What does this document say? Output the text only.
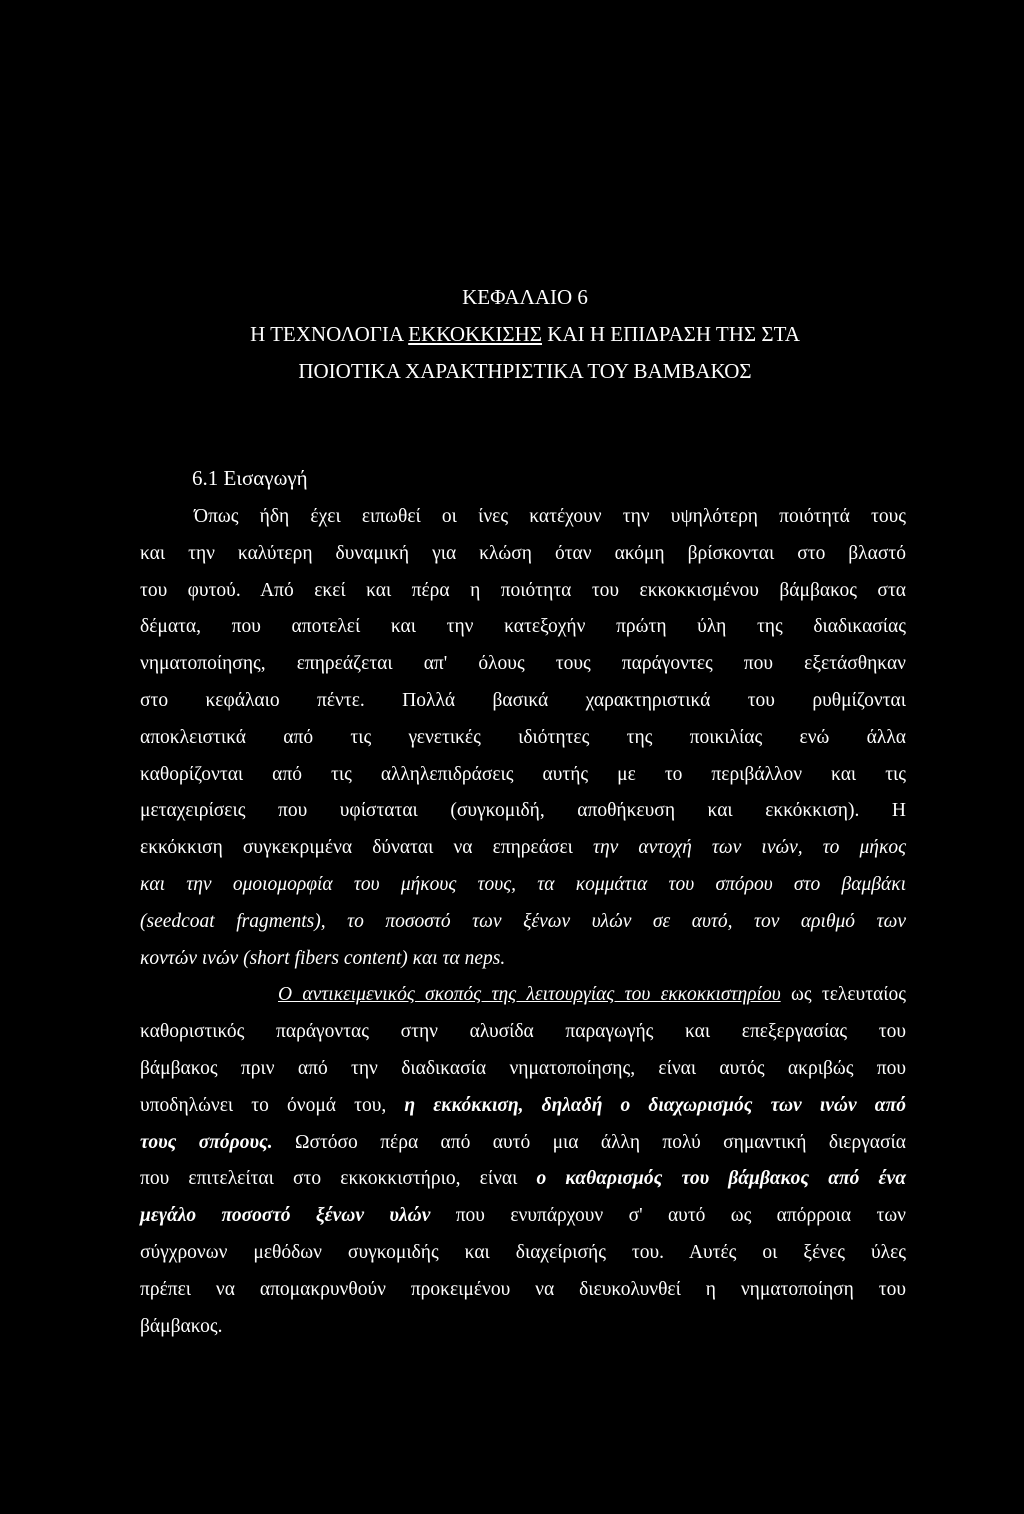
ΚΕΦΑΛΑΙΟ 6
Η ΤΕΧΝΟΛΟΓΙΑ ΕΚΚΟΚΚΙΣΗΣ ΚΑΙ Η ΕΠΙΔΡΑΣΗ ΤΗΣ ΣΤΑ
ΠΟΙΟΤΙΚΑ ΧΑΡΑΚΤΗΡΙΣΤΙΚΑ ΤΟΥ ΒΑΜΒΑΚΟΣ
6.1 Εισαγωγή
Όπως ήδη έχει ειπωθεί οι ίνες κατέχουν την υψηλότερη ποιότητά τους
και την καλύτερη δυναμική για κλώση όταν ακόμη βρίσκονται στο βλαστό
του φυτού. Από εκεί και πέρα η ποιότητα του εκκοκκισμένου βάμβακος στα
δέματα, που αποτελεί και την κατεξοχήν πρώτη ύλη της διαδικασίας
νηματοποίησης, επηρεάζεται απ' όλους τους παράγοντες που εξετάσθηκαν
στο κεφάλαιο πέντε. Πολλά βασικά χαρακτηριστικά του ρυθμίζονται
αποκλειστικά από τις γενετικές ιδιότητες της ποικιλίας ενώ άλλα
καθορίζονται από τις αλληλεπιδράσεις αυτής με το περιβάλλον και τις
μεταχειρίσεις που υφίσταται (συγκομιδή, αποθήκευση και εκκόκκιση). Η
εκκόκκιση συγκεκριμένα δύναται να επηρεάσει την αντοχή των ινών, το μήκος
και την ομοιομορφία του μήκους τους, τα κομμάτια του σπόρου στο βαμβάκι
(seedcoat fragments), το ποσοστό των ξένων υλών σε αυτό, τον αριθμό των
κοντών ινών (short fibers content) και τα neps.
Ο αντικειμενικός σκοπός της λειτουργίας του εκκοκκιστηρίου ως τελευταίος
καθοριστικός παράγοντας στην αλυσίδα παραγωγής και επεξεργασίας του
βάμβακος πριν από την διαδικασία νηματοποίησης, είναι αυτός ακριβώς που
υποδηλώνει το όνομά του, η εκκόκκιση, δηλαδή ο διαχωρισμός των ινών από
τους σπόρους. Ωστόσο πέρα από αυτό μια άλλη πολύ σημαντική διεργασία
που επιτελείται στο εκκοκκιστήριο, είναι ο καθαρισμός του βάμβακος από ένα
μεγάλο ποσοστό ξένων υλών που ενυπάρχουν σ' αυτό ως απόρροια των
σύγχρονων μεθόδων συγκομιδής και διαχείρισής του. Αυτές οι ξένες ύλες
πρέπει να απομακρυνθούν προκειμένου να διευκολυνθεί η νηματοποίηση του
βάμβακος.
